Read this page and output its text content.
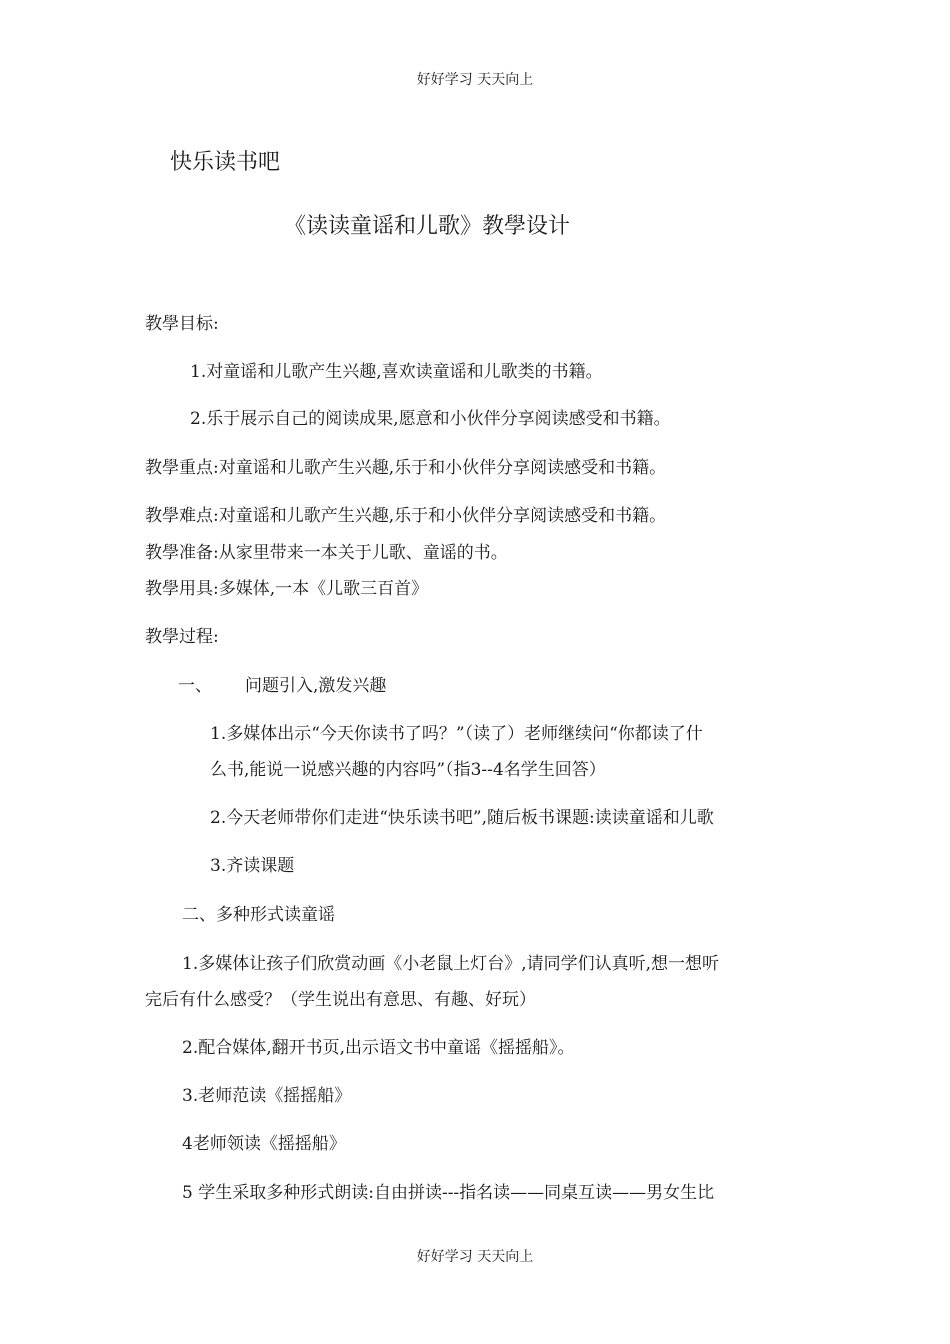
好好学习 天天向上
快乐读书吧
《读读童谣和儿歌》教學设计
教學目标:
1.对童谣和儿歌产生兴趣,喜欢读童谣和儿歌类的书籍。
2.乐于展示自己的阅读成果,愿意和小伙伴分享阅读感受和书籍。
教學重点:对童谣和儿歌产生兴趣,乐于和小伙伴分享阅读感受和书籍。
教學难点:对童谣和儿歌产生兴趣,乐于和小伙伴分享阅读感受和书籍。
教學准备:从家里带来一本关于儿歌、童谣的书。
教學用具:多媒体,一本《儿歌三百首》
教學过程:
一、 问题引入,激发兴趣
1.多媒体出示“今天你读书了吗？”（读了）老师继续问“你都读了什
么书,能说一说感兴趣的内容吗”（指3--4名学生回答）
2.今天老师带你们走进“快乐读书吧”,随后板书课题:读读童谣和儿歌
3.齐读课题
二、多种形式读童谣
1.多媒体让孩子们欣赏动画《小老鼠上灯台》,请同学们认真听,想一想听
完后有什么感受？（学生说出有意思、有趣、好玩）
2.配合媒体,翻开书页,出示语文书中童谣《摇摇船》。
3.老师范读《摇摇船》
4老师领读《摇摇船》
5 学生采取多种形式朗读:自由拼读---指名读——同桌互读——男女生比
好好学习 天天向上
